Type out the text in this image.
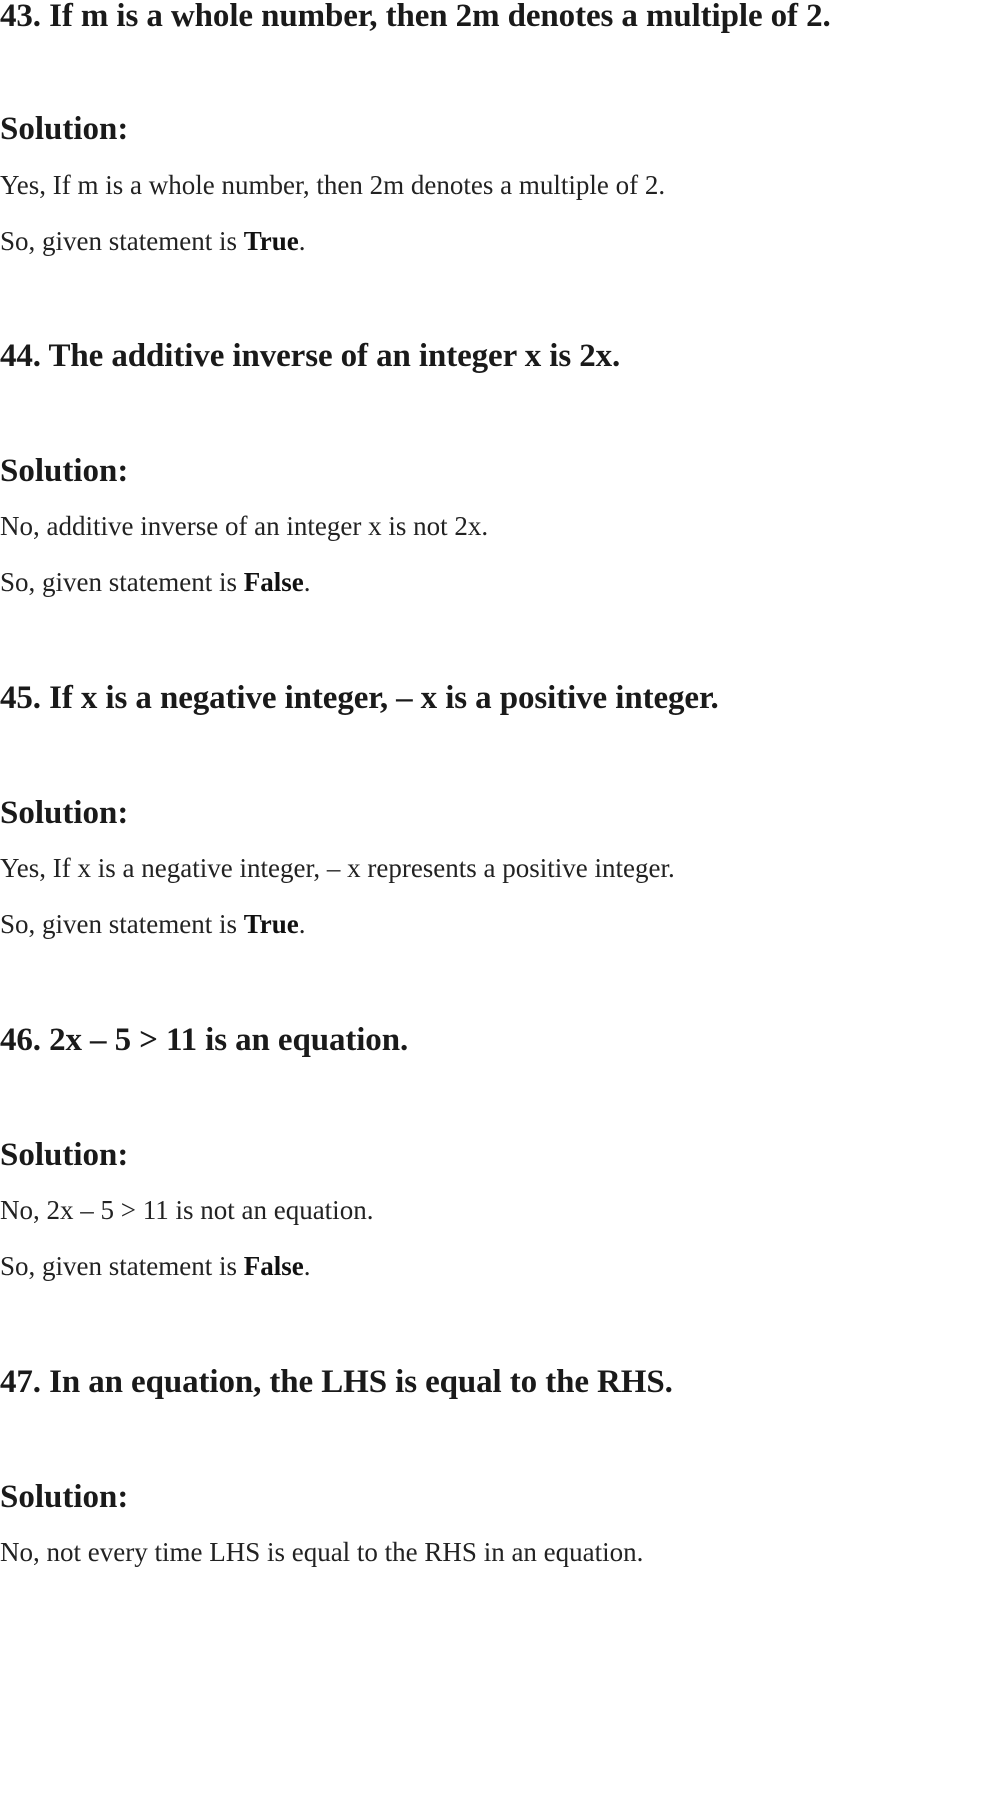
43. If m is a whole number, then 2m denotes a multiple of 2.

Solution:

Yes, If m is a whole number, then 2m denotes a multiple of 2.

So, given statement is True.

44. The additive inverse of an integer x is 2x.

Solution:

No, additive inverse of an integer x is not 2x.

So, given statement is False.

45. If x is a negative integer, – x is a positive integer.

Solution:

Yes, If x is a negative integer, – x represents a positive integer.

So, given statement is True.

46. 2x – 5 > 11 is an equation.

Solution:

No, 2x – 5 > 11 is not an equation.

So, given statement is False.

47. In an equation, the LHS is equal to the RHS.

Solution:

No, not every time LHS is equal to the RHS in an equation.
